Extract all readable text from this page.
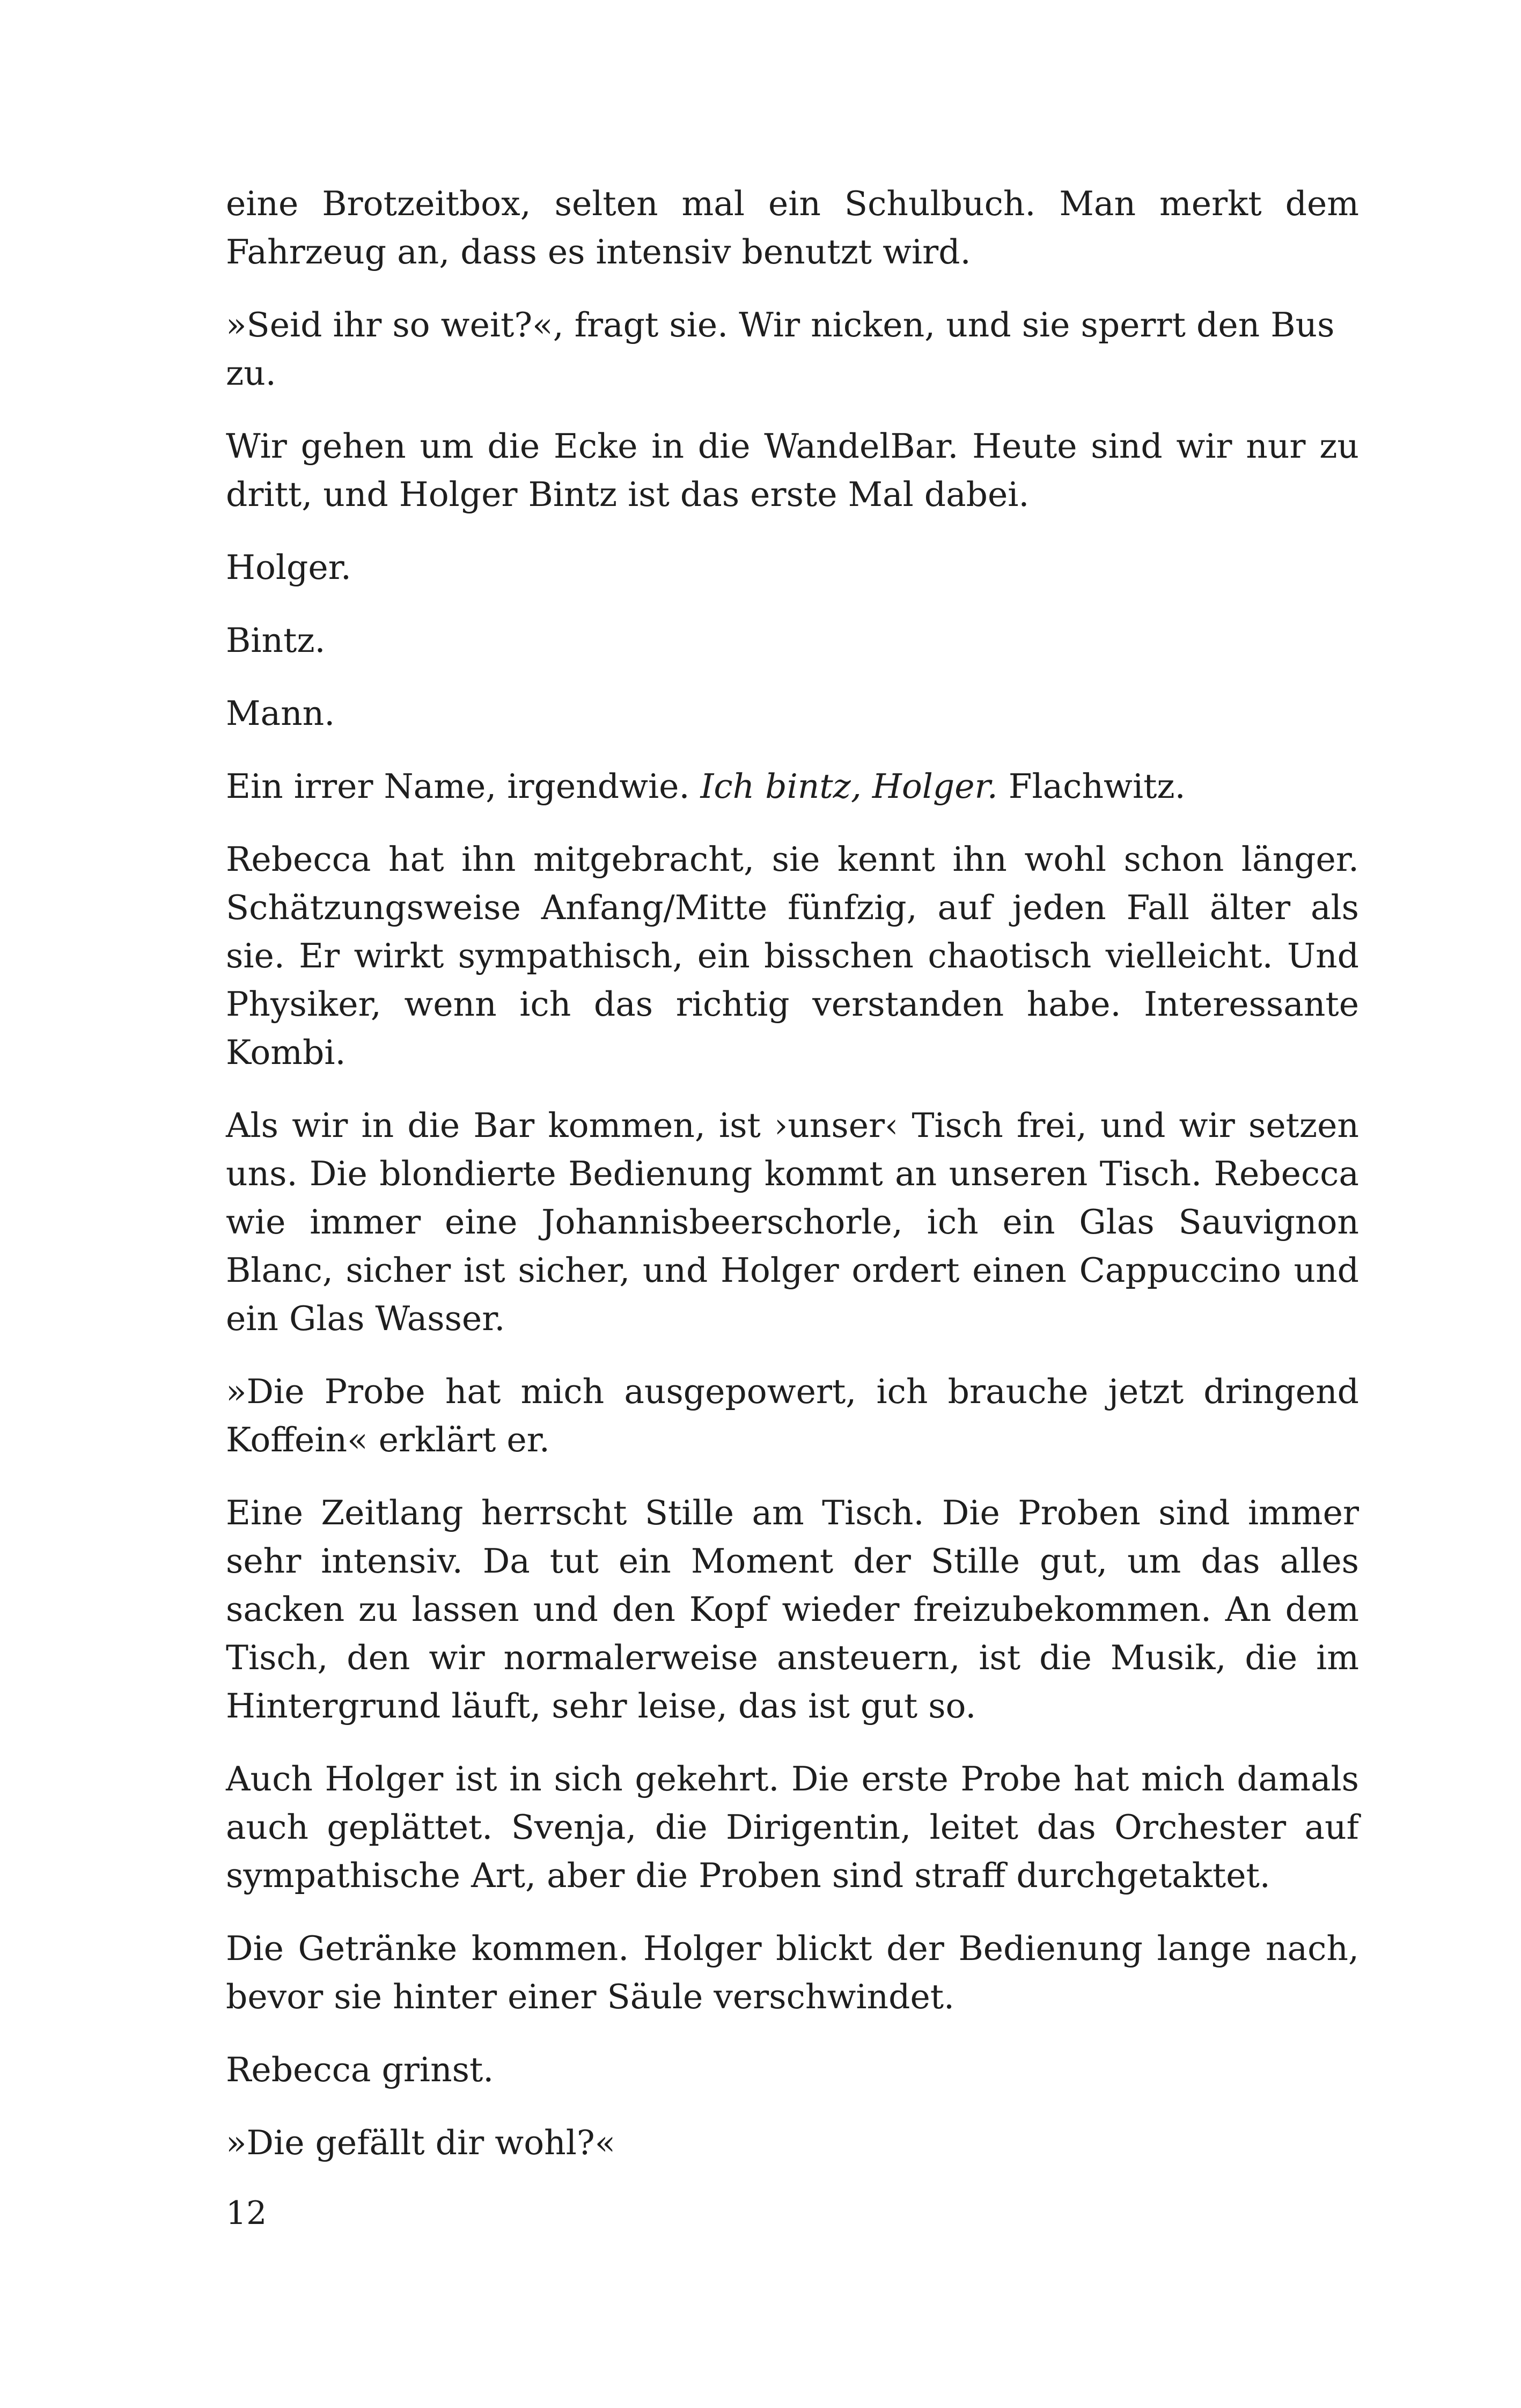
eine Brotzeitbox, selten mal ein Schulbuch. Man merkt dem Fahrzeug an, dass es intensiv benutzt wird.

»Seid ihr so weit?«, fragt sie. Wir nicken, und sie sperrt den Bus zu.

Wir gehen um die Ecke in die WandelBar. Heute sind wir nur zu dritt, und Holger Bintz ist das erste Mal dabei.

Holger.

Bintz.

Mann.

Ein irrer Name, irgendwie. Ich bintz, Holger. Flachwitz.

Rebecca hat ihn mitgebracht, sie kennt ihn wohl schon länger. Schätzungsweise Anfang/Mitte fünfzig, auf jeden Fall älter als sie. Er wirkt sympathisch, ein bisschen chaotisch vielleicht. Und Physiker, wenn ich das richtig verstanden habe. Interessante Kombi.

Als wir in die Bar kommen, ist ›unser‹ Tisch frei, und wir setzen uns. Die blondierte Bedienung kommt an unseren Tisch. Rebecca wie immer eine Johannisbeerschorle, ich ein Glas Sauvignon Blanc, sicher ist sicher, und Holger ordert einen Cappuccino und ein Glas Wasser.

»Die Probe hat mich ausgepowert, ich brauche jetzt dringend Koffein« erklärt er.

Eine Zeitlang herrscht Stille am Tisch. Die Proben sind immer sehr intensiv. Da tut ein Moment der Stille gut, um das alles sacken zu lassen und den Kopf wieder freizubekommen. An dem Tisch, den wir normalerweise ansteuern, ist die Musik, die im Hintergrund läuft, sehr leise, das ist gut so.

Auch Holger ist in sich gekehrt. Die erste Probe hat mich damals auch geplättet. Svenja, die Dirigentin, leitet das Orchester auf sympathische Art, aber die Proben sind straff durchgetaktet.

Die Getränke kommen. Holger blickt der Bedienung lange nach, bevor sie hinter einer Säule verschwindet.

Rebecca grinst.

»Die gefällt dir wohl?«

12
